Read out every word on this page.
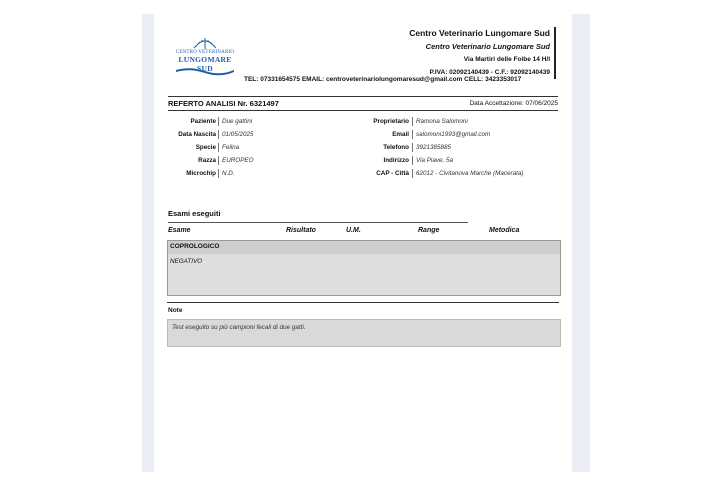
CENTRO VETERINARIO
LUNGOMARE SUD
Centro Veterinario Lungomare Sud
Centro Veterinario Lungomare Sud
Via Martiri delle Foibe 14 H/I
P.IVA: 02092140439 - C.F.: 92092140439
TEL: 07331654575 EMAIL: centroveterinariolungomaresud@gmail.com CELL: 3423353017
REFERTO ANALISI Nr. 6321497	Data Accettazione: 07/06/2025
Paziente Due gattini
Data Nascita 01/05/2025
Specie Felina
Razza EUROPEO
Microchip N.D.
Proprietario	Ramona Salomoni
Email	salomoni1993@gmail.com
Telefono	3921385885
Indirizzo	Via Piave, 5a
CAP - Città	62012 - Civitanova Marche (Macerata)
Esami eseguiti
Esame	Risultato	U.M.	Range	Metodica
COPROLOGICO
NEGATIVO
Note
Test eseguito su più campioni fecali di due gatti.
